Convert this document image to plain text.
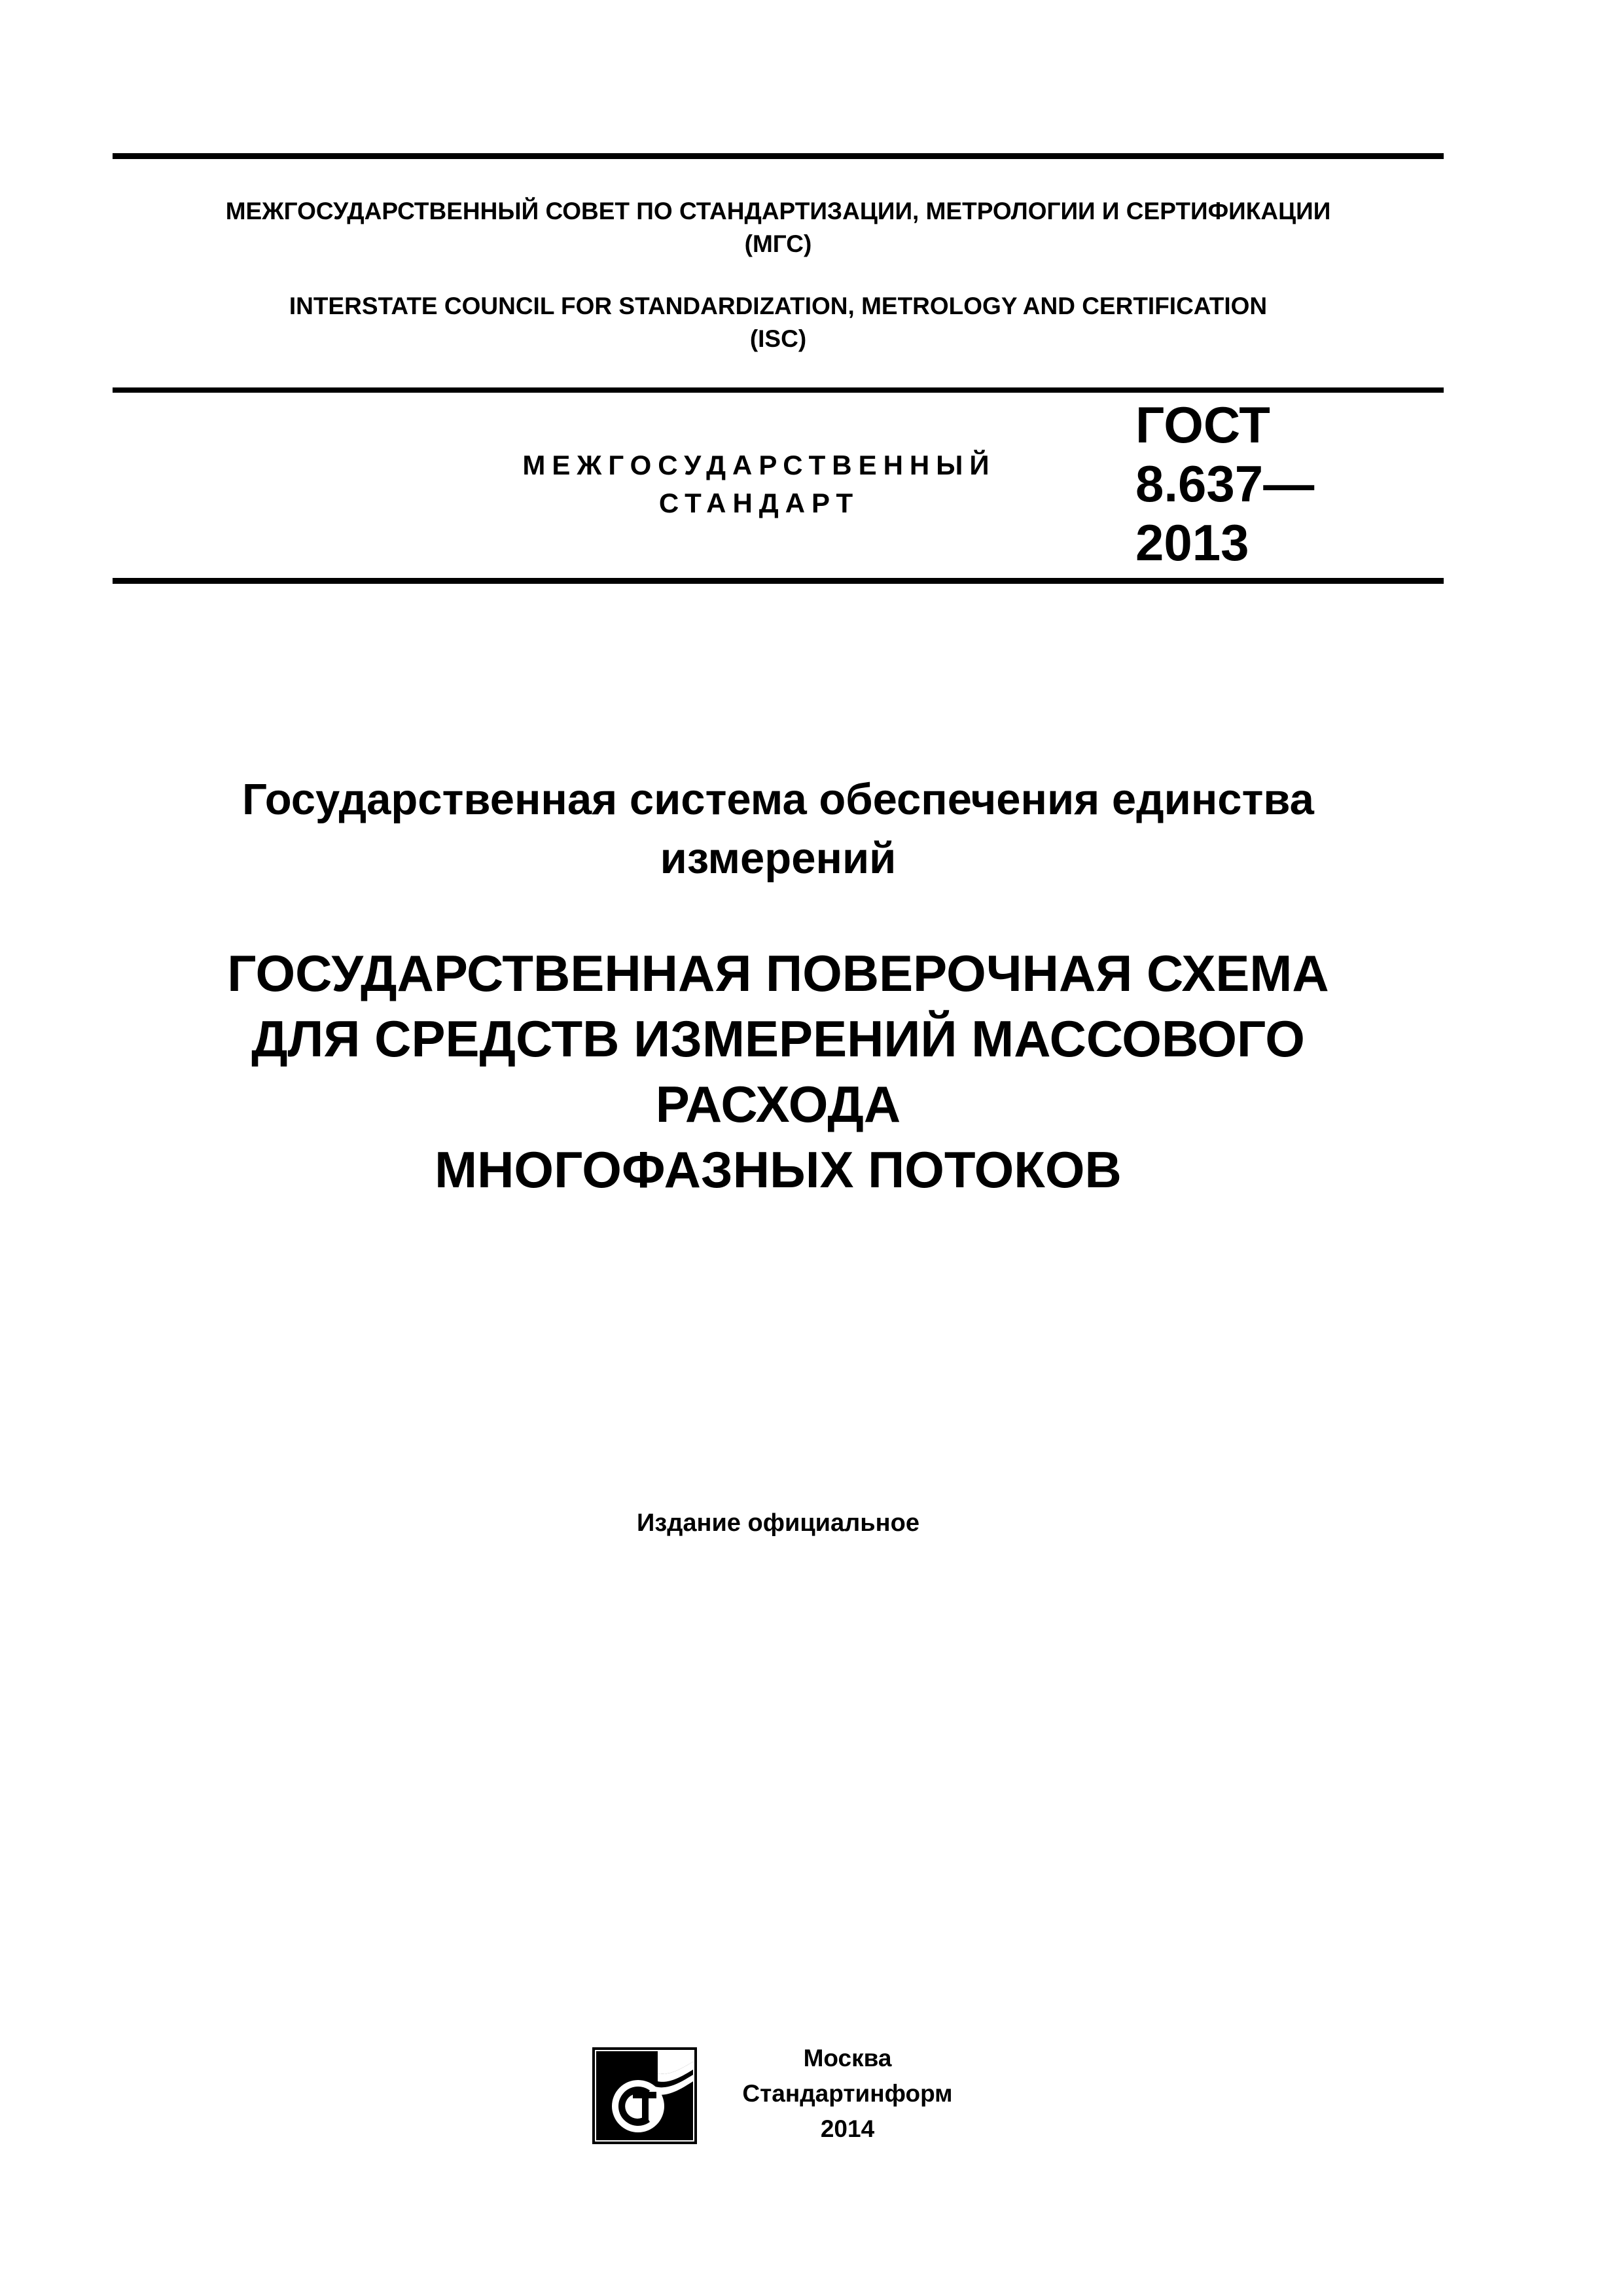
МЕЖГОСУДАРСТВЕННЫЙ СОВЕТ ПО СТАНДАРТИЗАЦИИ, МЕТРОЛОГИИ И СЕРТИФИКАЦИИ
(МГС)
INTERSTATE COUNCIL FOR STANDARDIZATION, METROLOGY AND CERTIFICATION
(ISC)
МЕЖГОСУДАРСТВЕННЫЙ
СТАНДАРТ
ГОСТ
8.637—
2013
Государственная система обеспечения единства
измерений
ГОСУДАРСТВЕННАЯ ПОВЕРОЧНАЯ СХЕМА
ДЛЯ СРЕДСТВ ИЗМЕРЕНИЙ МАССОВОГО
РАСХОДА
МНОГОФАЗНЫХ ПОТОКОВ
Издание официальное
Москва
Стандартинформ
2014
